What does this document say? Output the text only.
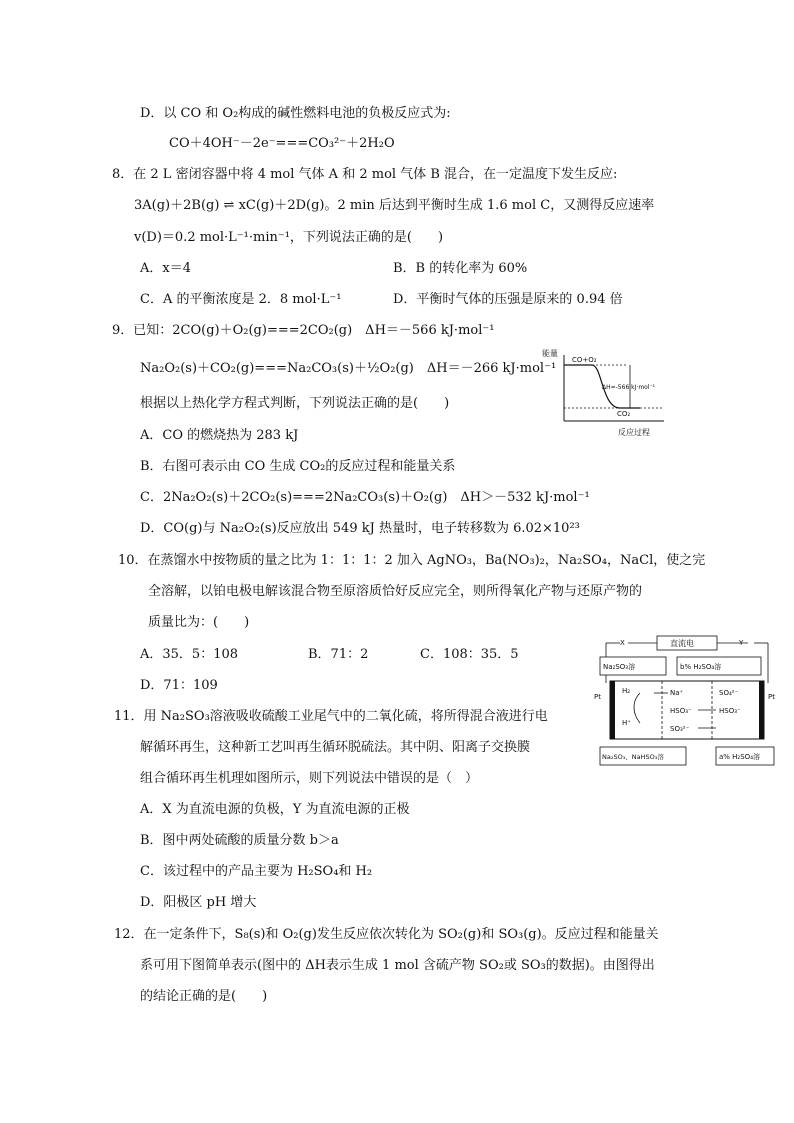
D．以 CO 和 O₂构成的碱性燃料电池的负极反应式为:
CO＋4OH⁻－2e⁻===CO₃²⁻＋2H₂O
8．在 2 L 密闭容器中将 4 mol 气体 A 和 2 mol 气体 B 混合，在一定温度下发生反应:
3A(g)＋2B(g) ⇌ xC(g)＋2D(g)。2 min 后达到平衡时生成 1.6 mol C，又测得反应速率
v(D)＝0.2 mol·L⁻¹·min⁻¹，下列说法正确的是(　　)
A．x＝4	B．B 的转化率为 60%
C．A 的平衡浓度是 2．8 mol·L⁻¹	D．平衡时气体的压强是原来的 0.94 倍
9．已知：2CO(g)＋O₂(g)===2CO₂(g)　ΔH＝－566 kJ·mol⁻¹
Na₂O₂(s)＋CO₂(g)===Na₂CO₃(s)＋½O₂(g)　ΔH＝－266 kJ·mol⁻¹
根据以上热化学方程式判断，下列说法正确的是(　　)
A．CO 的燃烧热为 283 kJ
B．右图可表示由 CO 生成 CO₂的反应过程和能量关系
C．2Na₂O₂(s)＋2CO₂(s)===2Na₂CO₃(s)＋O₂(g)　ΔH＞－532 kJ·mol⁻¹
D．CO(g)与 Na₂O₂(s)反应放出 549 kJ 热量时，电子转移数为 6.02×10²³
能量
CO+O₂
CO₂
ΔH=-566 kJ·mol⁻¹
反应过程
10．在蒸馏水中按物质的量之比为 1：1：1：2 加入 AgNO₃，Ba(NO₃)₂，Na₂SO₄，NaCl，使之完
全溶解，以铂电极电解该混合物至原溶质恰好反应完全，则所得氧化产物与还原产物的
质量比为：(　　)
A．35．5：108	B．71：2	C．108：35．5
D．71：109
X	Y
直流电
Na₂SO₃溶	b% H₂SO₄溶
Pt	Pt
H₂
H⁺
Na⁺
HSO₃⁻
SO₃²⁻
SO₄²⁻
HSO₃⁻
Na₂SO₃、NaHSO₃溶	a% H₂SO₄溶
11．用 Na₂SO₃溶液吸收硫酸工业尾气中的二氧化硫，将所得混合液进行电
解循环再生，这种新工艺叫再生循环脱硫法。其中阴、阳离子交换膜
组合循环再生机理如图所示，则下列说法中错误的是（　）
A．X 为直流电源的负极，Y 为直流电源的正极
B．图中两处硫酸的质量分数 b＞a
C．该过程中的产品主要为 H₂SO₄和 H₂
D．阳极区 pH 增大
12．在一定条件下，S₈(s)和 O₂(g)发生反应依次转化为 SO₂(g)和 SO₃(g)。反应过程和能量关
系可用下图简单表示(图中的 ΔH表示生成 1 mol 含硫产物 SO₂或 SO₃的数据)。由图得出
的结论正确的是(　　)
